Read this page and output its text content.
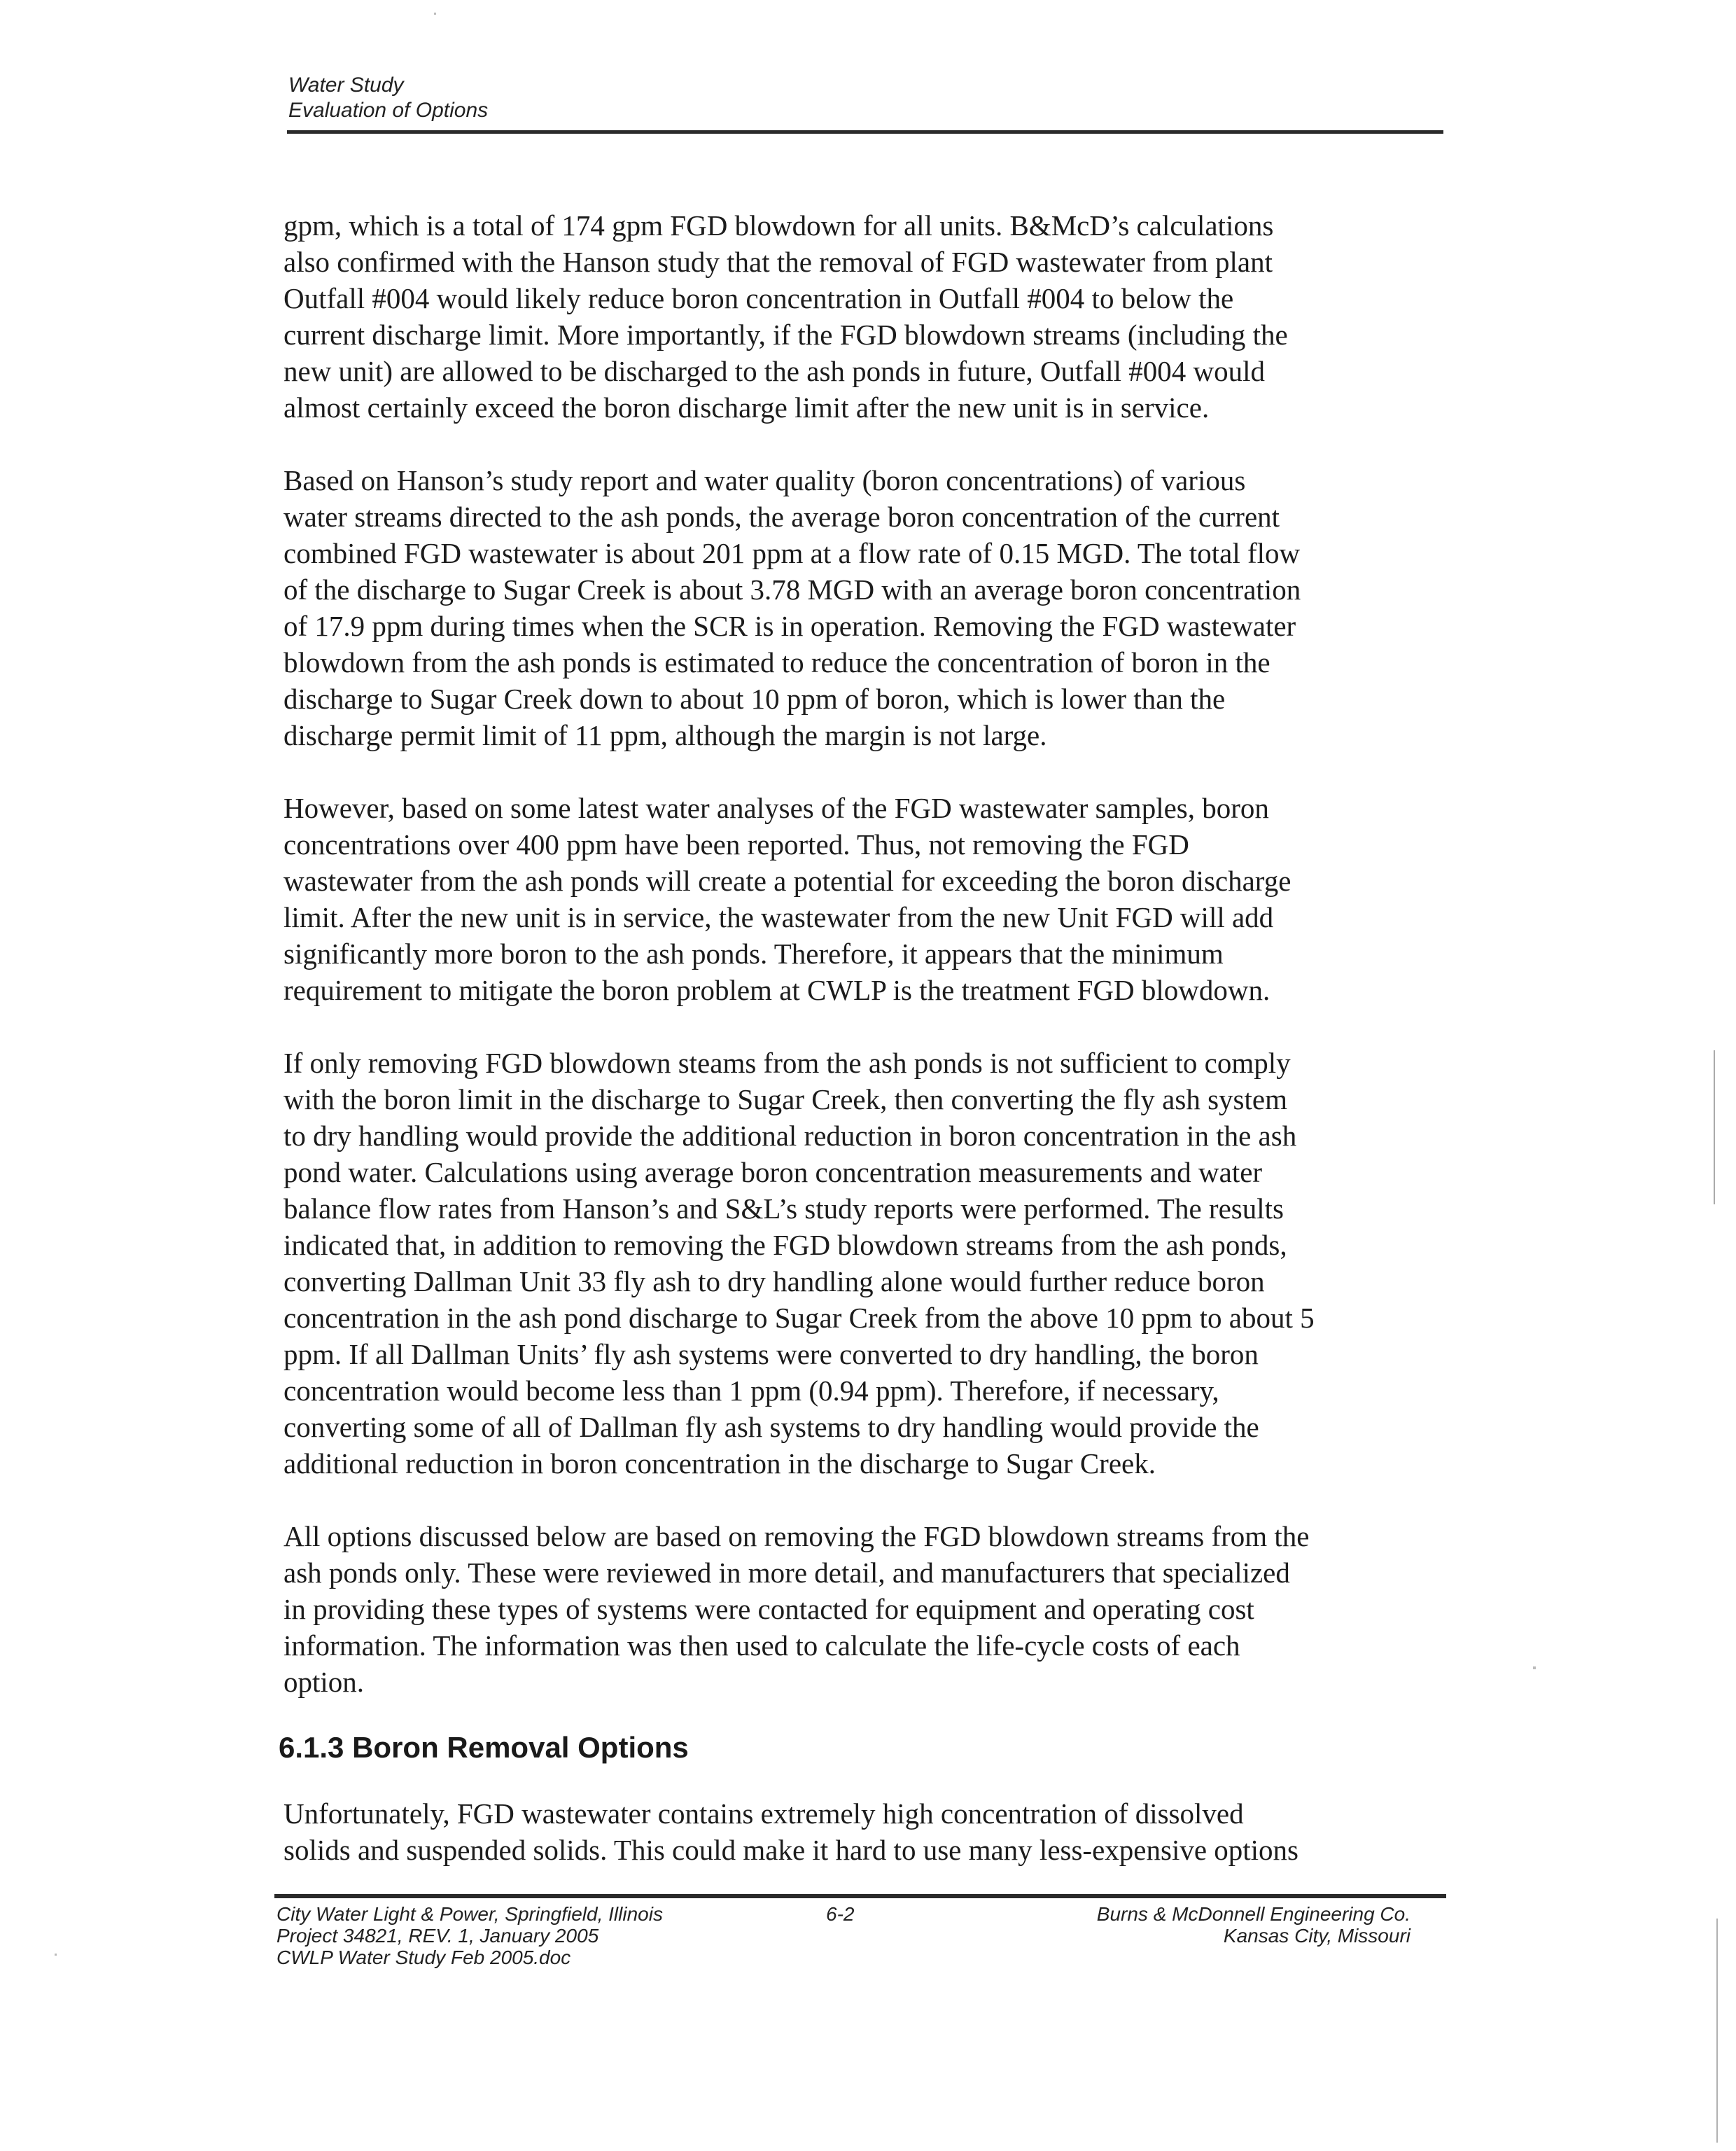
Water Study
Evaluation of Options
gpm, which is a total of 174 gpm FGD blowdown for all units. B&McD’s calculations
also confirmed with the Hanson study that the removal of FGD wastewater from plant
Outfall #004 would likely reduce boron concentration in Outfall #004 to below the
current discharge limit. More importantly, if the FGD blowdown streams (including the
new unit) are allowed to be discharged to the ash ponds in future, Outfall #004 would
almost certainly exceed the boron discharge limit after the new unit is in service.
Based on Hanson’s study report and water quality (boron concentrations) of various
water streams directed to the ash ponds, the average boron concentration of the current
combined FGD wastewater is about 201 ppm at a flow rate of 0.15 MGD. The total flow
of the discharge to Sugar Creek is about 3.78 MGD with an average boron concentration
of 17.9 ppm during times when the SCR is in operation. Removing the FGD wastewater
blowdown from the ash ponds is estimated to reduce the concentration of boron in the
discharge to Sugar Creek down to about 10 ppm of boron, which is lower than the
discharge permit limit of 11 ppm, although the margin is not large.
However, based on some latest water analyses of the FGD wastewater samples, boron
concentrations over 400 ppm have been reported. Thus, not removing the FGD
wastewater from the ash ponds will create a potential for exceeding the boron discharge
limit. After the new unit is in service, the wastewater from the new Unit FGD will add
significantly more boron to the ash ponds. Therefore, it appears that the minimum
requirement to mitigate the boron problem at CWLP is the treatment FGD blowdown.
If only removing FGD blowdown steams from the ash ponds is not sufficient to comply
with the boron limit in the discharge to Sugar Creek, then converting the fly ash system
to dry handling would provide the additional reduction in boron concentration in the ash
pond water. Calculations using average boron concentration measurements and water
balance flow rates from Hanson’s and S&L’s study reports were performed. The results
indicated that, in addition to removing the FGD blowdown streams from the ash ponds,
converting Dallman Unit 33 fly ash to dry handling alone would further reduce boron
concentration in the ash pond discharge to Sugar Creek from the above 10 ppm to about 5
ppm. If all Dallman Units’ fly ash systems were converted to dry handling, the boron
concentration would become less than 1 ppm (0.94 ppm). Therefore, if necessary,
converting some of all of Dallman fly ash systems to dry handling would provide the
additional reduction in boron concentration in the discharge to Sugar Creek.
All options discussed below are based on removing the FGD blowdown streams from the
ash ponds only. These were reviewed in more detail, and manufacturers that specialized
in providing these types of systems were contacted for equipment and operating cost
information. The information was then used to calculate the life-cycle costs of each
option.
6.1.3 Boron Removal Options
Unfortunately, FGD wastewater contains extremely high concentration of dissolved
solids and suspended solids. This could make it hard to use many less-expensive options
City Water Light & Power, Springfield, Illinois
Project 34821, REV. 1, January 2005
CWLP Water Study Feb 2005.doc
6-2	Burns & McDonnell Engineering Co.
Kansas City, Missouri
